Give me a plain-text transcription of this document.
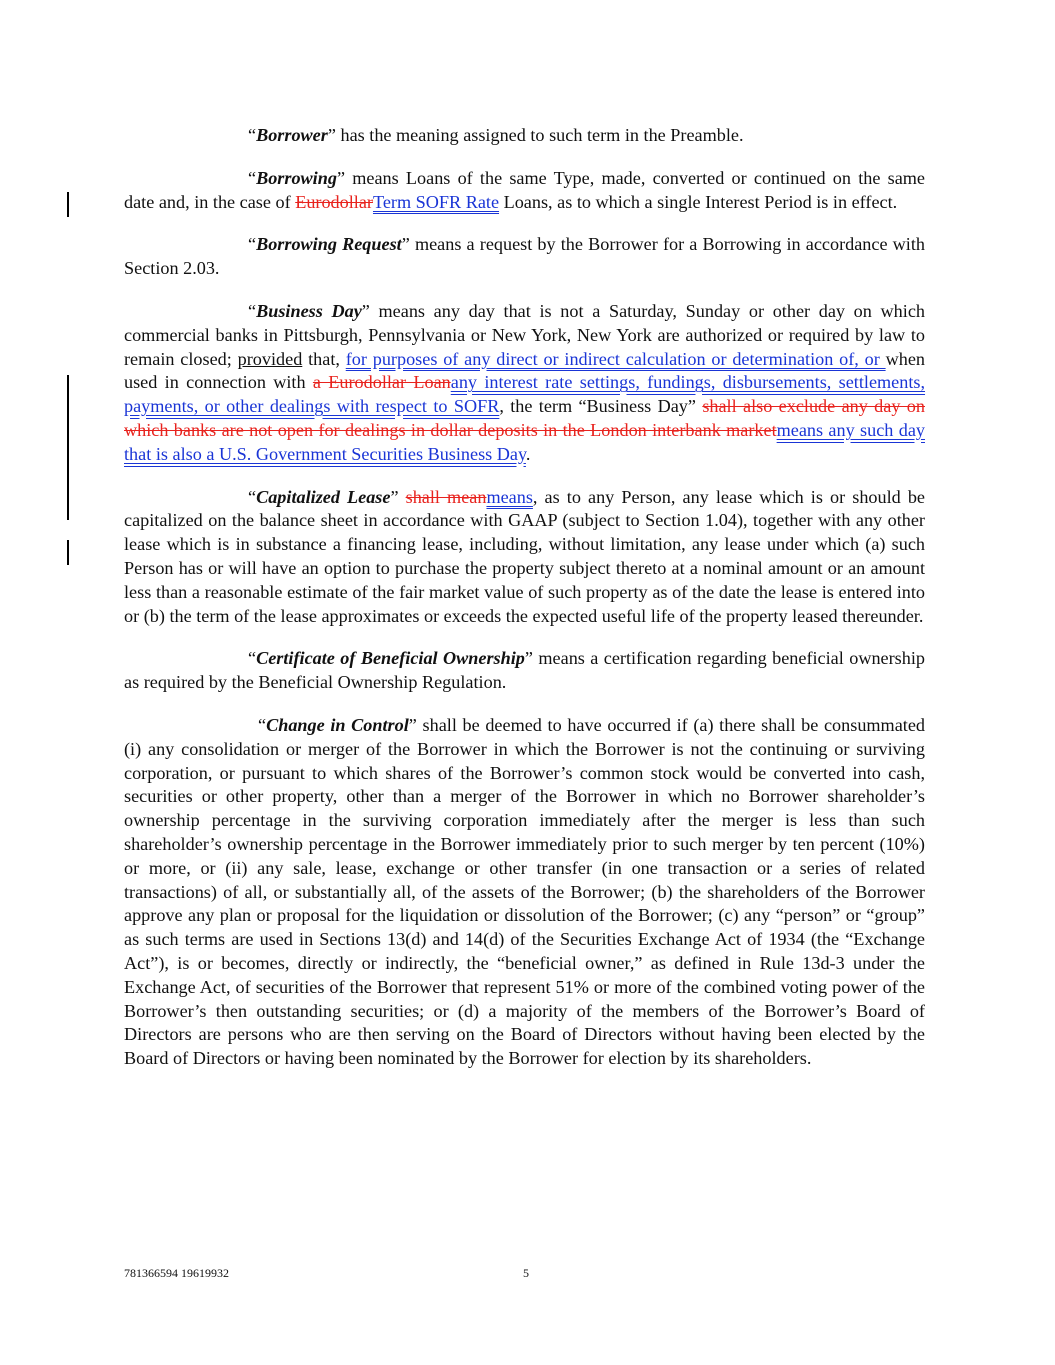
“Borrower” has the meaning assigned to such term in the Preamble.

“Borrowing” means Loans of the same Type, made, converted or continued on the same date and, in the case of EurodollarTerm SOFR Rate Loans, as to which a single Interest Period is in effect.

“Borrowing Request” means a request by the Borrower for a Borrowing in accordance with Section 2.03.

“Business Day” means any day that is not a Saturday, Sunday or other day on which commercial banks in Pittsburgh, Pennsylvania or New York, New York are authorized or required by law to remain closed; provided that, for purposes of any direct or indirect calculation or determination of, or when used in connection with a Eurodollar Loanany interest rate settings, fundings, disbursements, settlements, payments, or other dealings with respect to SOFR, the term “Business Day” shall also exclude any day on which banks are not open for dealings in dollar deposits in the London interbank marketmeans any such day that is also a U.S. Government Securities Business Day.

“Capitalized Lease” shall meanmeans, as to any Person, any lease which is or should be capitalized on the balance sheet in accordance with GAAP (subject to Section 1.04), together with any other lease which is in substance a financing lease, including, without limitation, any lease under which (a) such Person has or will have an option to purchase the property subject thereto at a nominal amount or an amount less than a reasonable estimate of the fair market value of such property as of the date the lease is entered into or (b) the term of the lease approximates or exceeds the expected useful life of the property leased thereunder.

“Certificate of Beneficial Ownership” means a certification regarding beneficial ownership as required by the Beneficial Ownership Regulation.

“Change in Control” shall be deemed to have occurred if (a) there shall be consummated (i) any consolidation or merger of the Borrower in which the Borrower is not the continuing or surviving corporation, or pursuant to which shares of the Borrower’s common stock would be converted into cash, securities or other property, other than a merger of the Borrower in which no Borrower shareholder’s ownership percentage in the surviving corporation immediately after the merger is less than such shareholder’s ownership percentage in the Borrower immediately prior to such merger by ten percent (10%) or more, or (ii) any sale, lease, exchange or other transfer (in one transaction or a series of related transactions) of all, or substantially all, of the assets of the Borrower; (b) the shareholders of the Borrower approve any plan or proposal for the liquidation or dissolution of the Borrower; (c) any “person” or “group” as such terms are used in Sections 13(d) and 14(d) of the Securities Exchange Act of 1934 (the “Exchange Act”), is or becomes, directly or indirectly, the “beneficial owner,” as defined in Rule 13d-3 under the Exchange Act, of securities of the Borrower that represent 51% or more of the combined voting power of the Borrower’s then outstanding securities; or (d) a majority of the members of the Borrower’s Board of Directors are persons who are then serving on the Board of Directors without having been elected by the Board of Directors or having been nominated by the Borrower for election by its shareholders.

781366594 19619932	5
